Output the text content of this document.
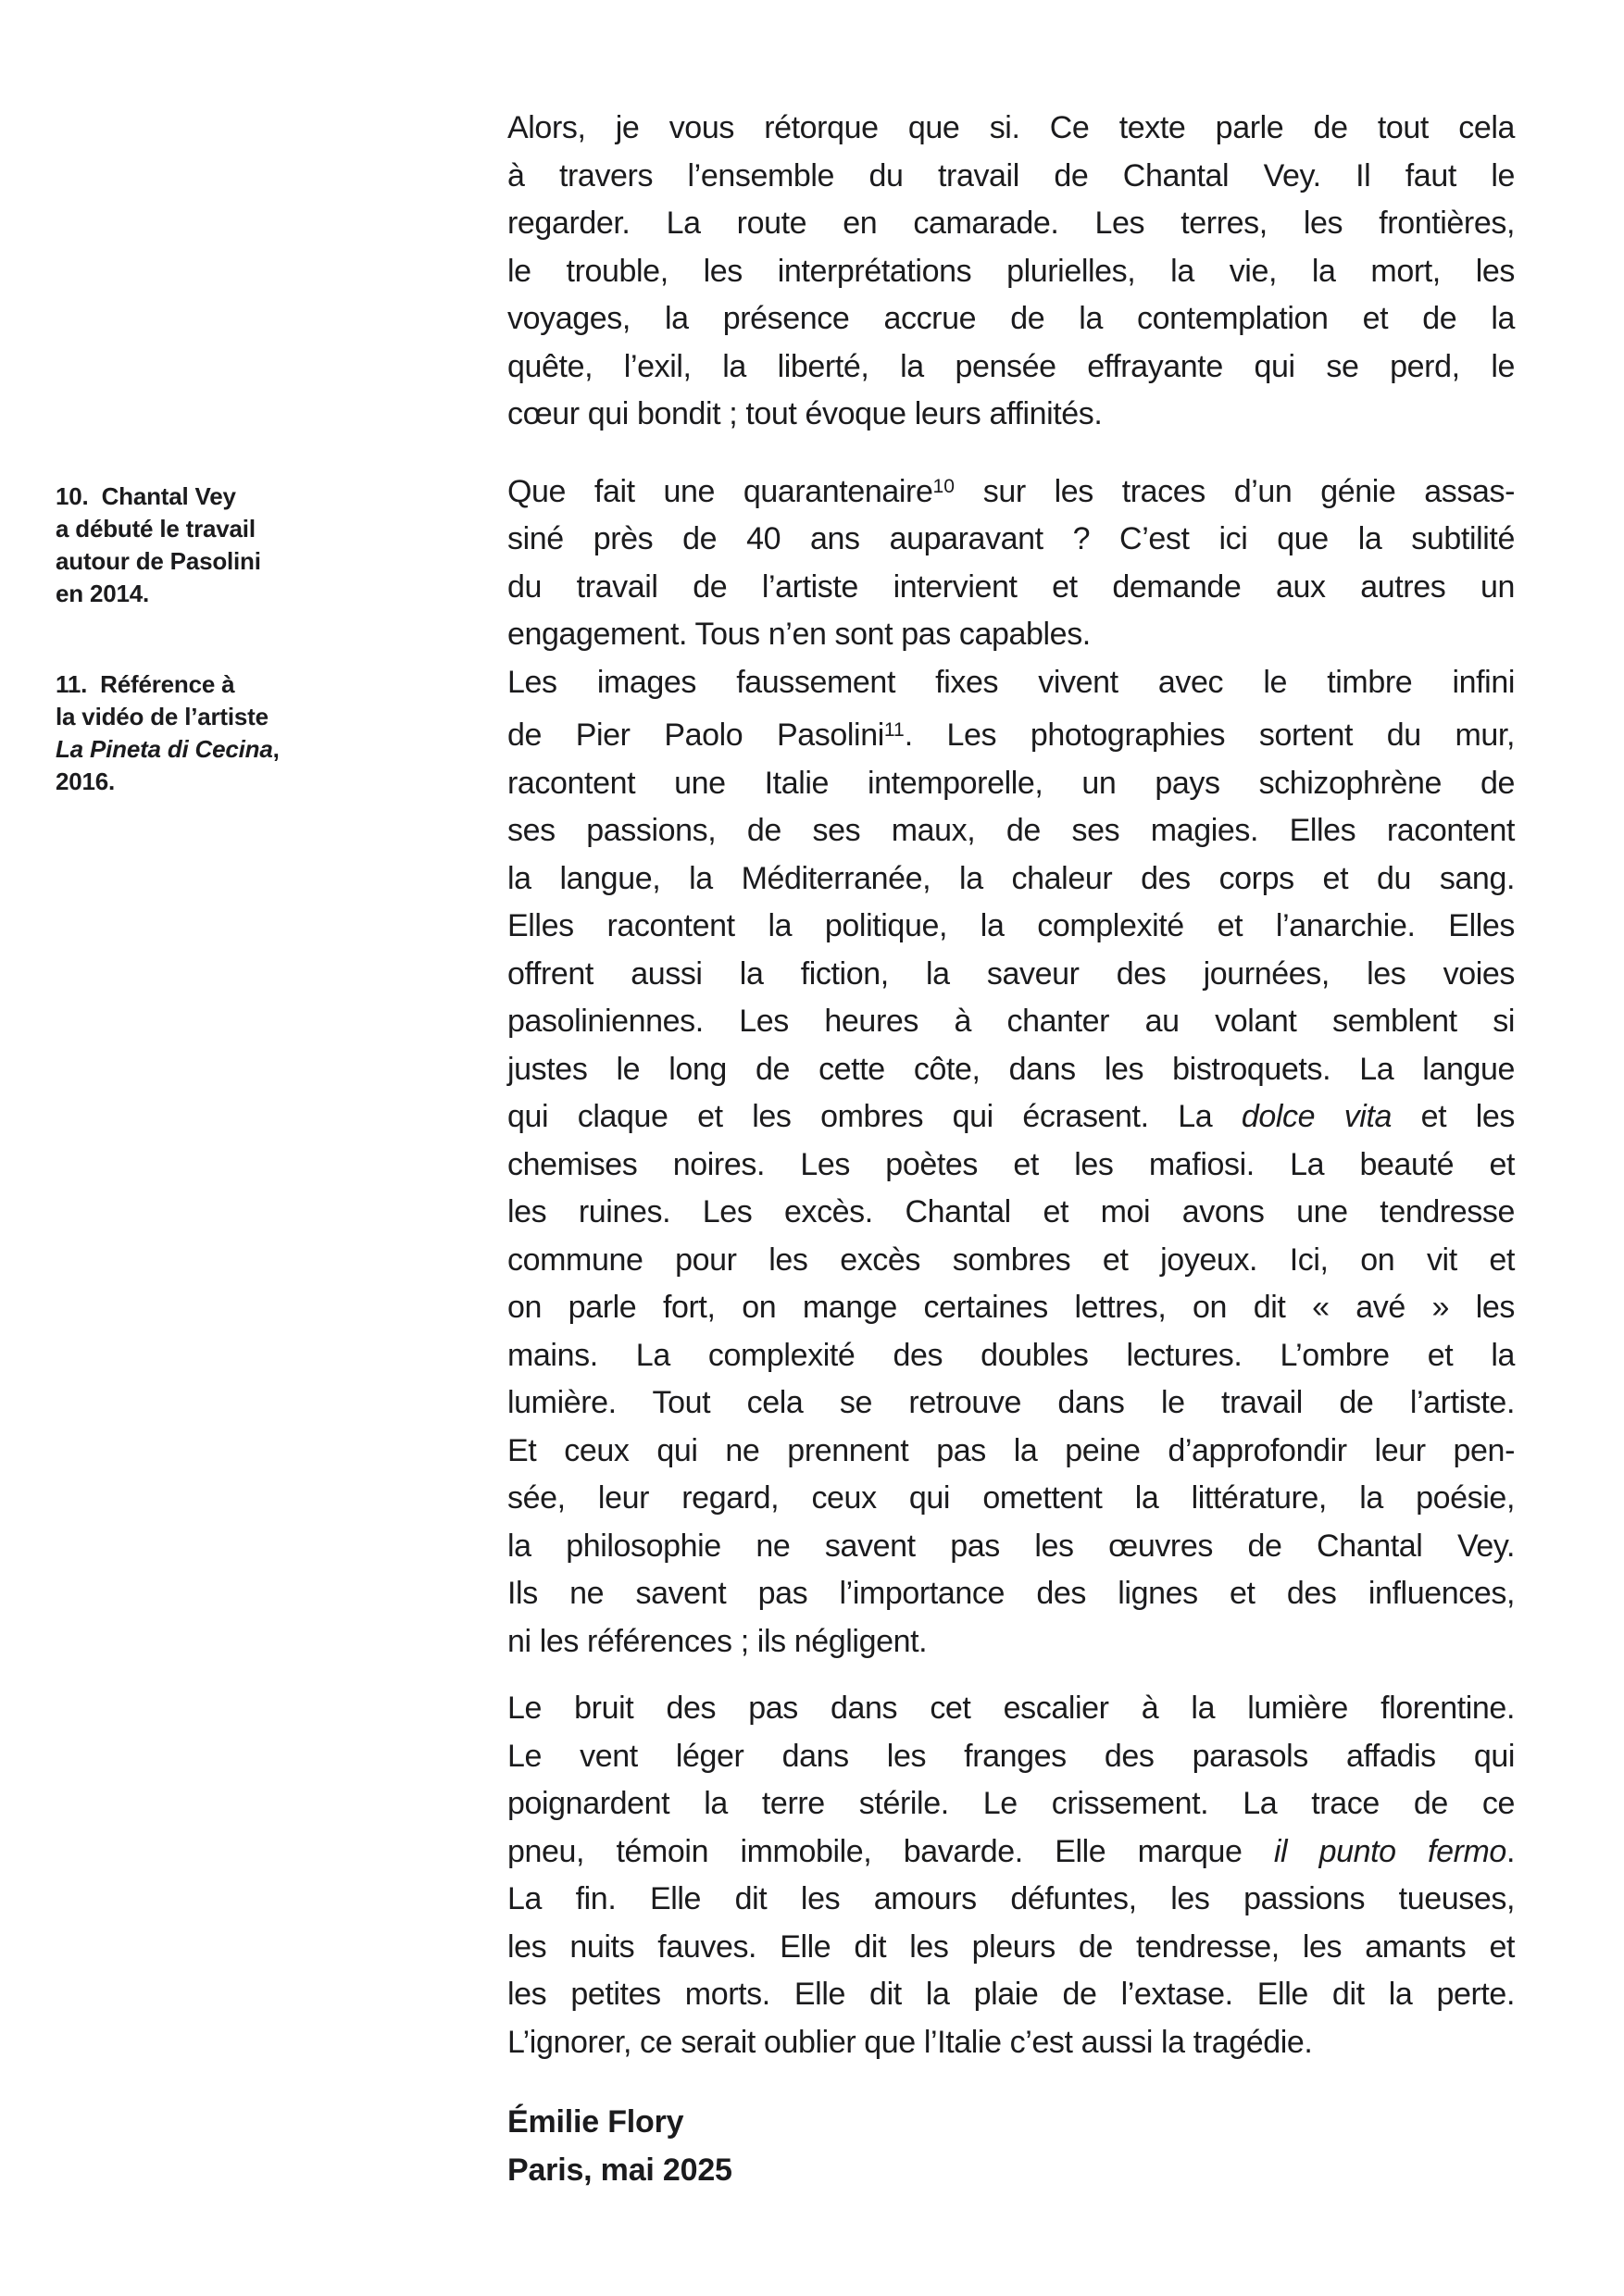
10.  Chantal Vey
a débuté le travail
autour de Pasolini
en 2014.
11.  Référence à
la vidéo de l’artiste
La Pineta di Cecina,
2016.
Alors, je vous rétorque que si. Ce texte parle de tout cela
à travers l’ensemble du travail de Chantal Vey. Il faut le
regarder. La route en camarade. Les terres, les frontières,
le trouble, les interprétations plurielles, la vie, la mort, les
voyages, la présence accrue de la contemplation et de la
quête, l’exil, la liberté, la pensée effrayante qui se perd, le
cœur qui bondit ; tout évoque leurs affinités.
Que fait une quarantenaire$^{10}$ sur les traces d’un génie assas-
siné près de 40 ans auparavant ? C’est ici que la subtilité
du travail de l’artiste intervient et demande aux autres un
engagement. Tous n’en sont pas capables.
Les images faussement fixes vivent avec le timbre infini
de Pier Paolo Pasolini$^{11}$. Les photographies sortent du mur,
racontent une Italie intemporelle, un pays schizophrène de
ses passions, de ses maux, de ses magies. Elles racontent
la langue, la Méditerranée, la chaleur des corps et du sang.
Elles racontent la politique, la complexité et l’anarchie. Elles
offrent aussi la fiction, la saveur des journées, les voies
pasoliniennes. Les heures à chanter au volant semblent si
justes le long de cette côte, dans les bistroquets. La langue
qui claque et les ombres qui écrasent. La dolce vita et les
chemises noires. Les poètes et les mafiosi. La beauté et
les ruines. Les excès. Chantal et moi avons une tendresse
commune pour les excès sombres et joyeux. Ici, on vit et
on parle fort, on mange certaines lettres, on dit « avé » les
mains. La complexité des doubles lectures. L’ombre et la
lumière. Tout cela se retrouve dans le travail de l’artiste.
Et ceux qui ne prennent pas la peine d’approfondir leur pen-
sée, leur regard, ceux qui omettent la littérature, la poésie,
la philosophie ne savent pas les œuvres de Chantal Vey.
Ils ne savent pas l’importance des lignes et des influences,
ni les références ; ils négligent.
Le bruit des pas dans cet escalier à la lumière florentine.
Le vent léger dans les franges des parasols affadis qui
poignardent la terre stérile. Le crissement. La trace de ce
pneu, témoin immobile, bavarde. Elle marque il punto fermo.
La fin. Elle dit les amours défuntes, les passions tueuses,
les nuits fauves. Elle dit les pleurs de tendresse, les amants et
les petites morts. Elle dit la plaie de l’extase. Elle dit la perte.
L’ignorer, ce serait oublier que l’Italie c’est aussi la tragédie.
Émilie Flory
Paris, mai 2025
